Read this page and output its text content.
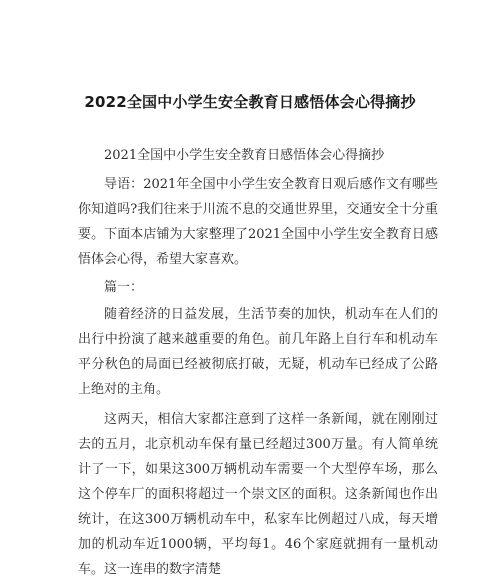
2022全国中小学生安全教育日感悟体会心得摘抄

2021全国中小学生安全教育日感悟体会心得摘抄

导语：2021年全国中小学生安全教育日观后感作文有哪些你知道吗?我们往来于川流不息的交通世界里，交通安全十分重要。下面本店铺为大家整理了2021全国中小学生安全教育日感悟体会心得，希望大家喜欢。

篇一：

随着经济的日益发展，生活节奏的加快，机动车在人们的出行中扮演了越来越重要的角色。前几年路上自行车和机动车平分秋色的局面已经被彻底打破，无疑，机动车已经成了公路上绝对的主角。

这两天，相信大家都注意到了这样一条新闻，就在刚刚过去的五月，北京机动车保有量已经超过300万量。有人简单统计了一下，如果这300万辆机动车需要一个大型停车场，那么这个停车厂的面积将超过一个崇文区的面积。这条新闻也作出统计，在这300万辆机动车中，私家车比例超过八成，每天增加的机动车近1000辆，平均每1。46个家庭就拥有一量机动车。这一连串的数字清楚
